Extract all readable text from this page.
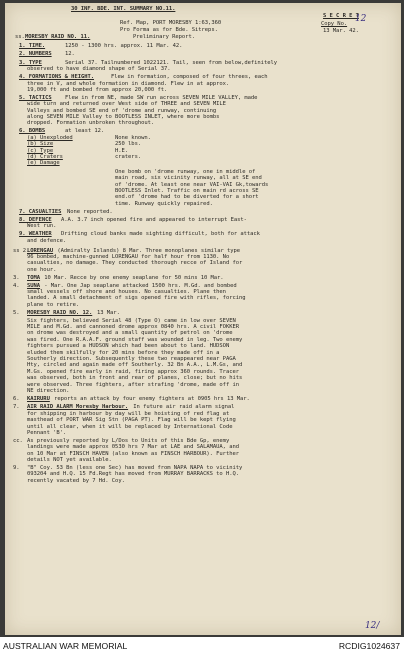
30 INF. BDE. INT. SUMMARY NO.11.
S E C R E T
Ref. Map, PORT MORESBY 1:63,360	Copy No. 12
Pro Forma as for Bde. Sitreps.	13 Mar. 42.
ss. MORESBY RAID NO. 11.	Preliminary Report.
1. TIME.	1250 - 1300 hrs. approx. 11 Mar. 42.
2. NUMBERS 12.
3. TYPE	Serial 37. Tailnumbered 1022121. Tail, seen from below,definitely
observed to have diamond shape of Serial 37.
4. FORMATIONS & HEIGHT.	Flew in formation, composed of four threes, each
three in V, and whole formation in diamond. Flew in at approx.
19,000 ft and bombed from approx 20,000 ft.
5. TACTICS Flew in from NE, made SW run across SEVEN MILE VALLEY, made
wide turn and returned over West side of THREE and SEVEN MILE
Valleys and bombed SE end of 'drome and runway, continuing
along SEVEN MILE Valley to BOOTLESS INLET, where more bombs
dropped. Formation unbroken throughout.
6. BOMBS	at least 12.
(a) Unexploded	None known.
(b) Size	250 lbs.
(c) Type	H.E.
(d) Craters	craters.
(e) Damage
One bomb on 'drome runway, one in middle of
main road, six vicinity runway, all at SE end
of 'drome. At least one near VAI-VAI Gk,towards
BOOTLESS Inlet. Traffic on main rd across SE
end.of 'drome had to be diverted for a short
time. Runway quickly repaired.
7. CASUALTIES None reported.
8. DEFENCE A.A. 3.7 inch opened fire and appeared to interrupt East-
West run.
9. WEATHER Drifting cloud banks made sighting difficult, both for attack
and defence.
ss 2.
LORENGAU (Admiralty Islands) 8 Mar. Three monoplanes similar type
96 bombed, machine-gunned LORENGAU for half hour from 1130. No
casualties, no damage. They conducted thorough recce of Island for
one hour.
3. TOMA 10 Mar. Recce by one enemy seaplane for 50 mins 10 Mar.
4. SUNA - Mar. One Jap seaplane attacked 1500 hrs. M.Gd. and bombed
small vessels off shore and houses. No casualties. Plane then
landed. A small detachment of sigs opened fire with rifles, forcing
plane to retire.
5. MORESBY RAID NO. 12. 13 Mar.
Six fighters, believed Serial 48 (Type O) came in low over SEVEN
MILE and M.Gd. and cannoned drome approx 0840 hrs. A civil FOKKER
on drome was destroyed and a small quantity of petrol on 'drome
was fired. One R.A.A.F. ground staff was wounded in leg. Two enemy
fighters pursued a HUDSON which had been about to land. HUDSON
eluded them skilfully for 20 mins before they made off in a
Southerly direction. Subsequently these two reappeared near PAGA
Hty, circled and again made off Southerly. 32 Bn A.A., L.M.Gs, and
M.Gs. opened fire early in raid, firing approx 360 rounds. Tracer
was observed, both in front and rear of planes, close; but no hits
were observed. Three fighters, after strafing 'drome, made off in
NE direction.
6. KAIRURU reports an attack by four enemy fighters at 0905 hrs 13 Mar.
7. AIR RAID ALARM Moresby Harbour. In future air raid alarm signal
for shipping in harbour by day will be hoisting of red flag at
masthead of PORT WAR Sig Stn (PAGA PT). Flag will be kept flying
until all clear, when it will be replaced by International Code
Pennant 'B'.
cc. As previously reported by L/Dos to Units of this Bde Gp, enemy
landings were made approx 0530 hrs 7 Mar at LAE and SALAMAUA, and
on 10 Mar at FINSCH HAVEN (also known as FINSCH HARBOUR). Further
details NOT yet available.
9. "B" Coy. 53 Bn (less one Sec) has moved from NAPA NAPA to vicinity
093204 and H.Q. 15 Fd.Regt has moved from MURRAY BARRACKS to H.Q.
recently vacated by 7 Hd. Coy.
12/
AUSTRALIAN WAR MEMORIAL	RCDIG1024637
